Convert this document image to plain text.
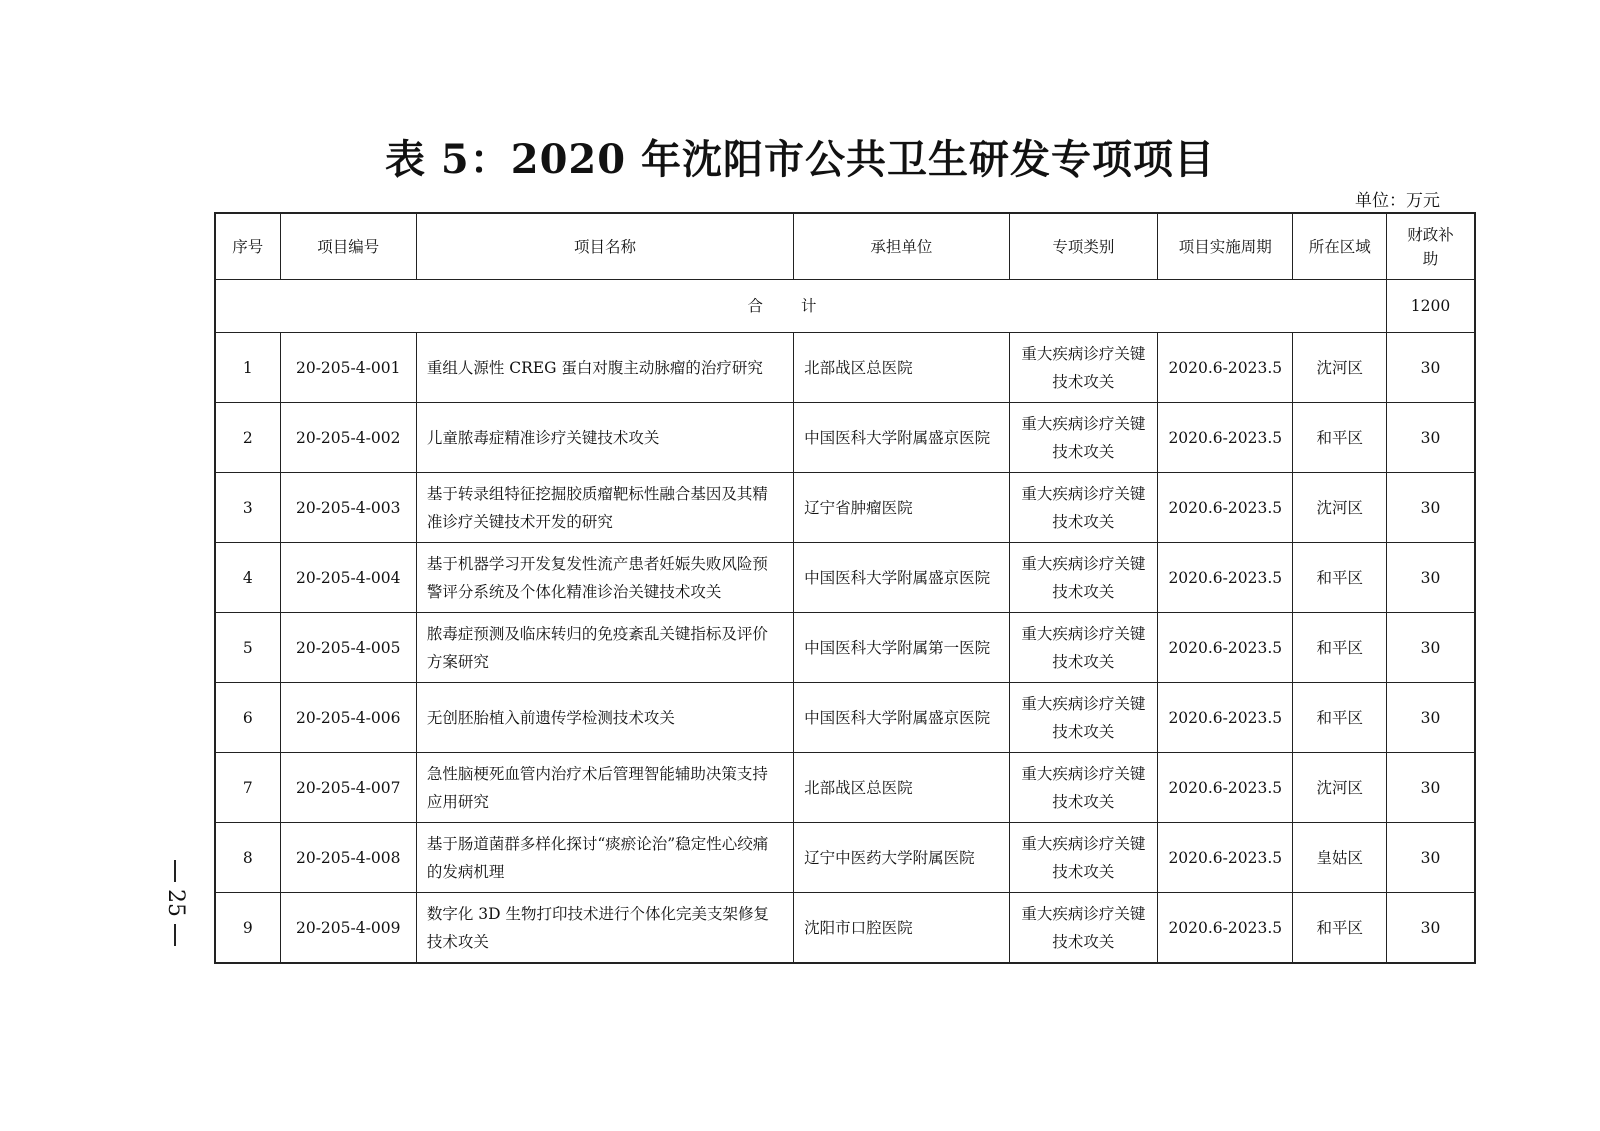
表 5：2020 年沈阳市公共卫生研发专项项目
单位：万元
25
序号	项目编号	项目名称	承担单位	专项类别	项目实施周期	所在区域	财政补助
合计							1200
1	20-205-4-001	重组人源性 CREG 蛋白对腹主动脉瘤的治疗研究	北部战区总医院	重大疾病诊疗关键技术攻关	2020.6-2023.5	沈河区	30
2	20-205-4-002	儿童脓毒症精准诊疗关键技术攻关	中国医科大学附属盛京医院	重大疾病诊疗关键技术攻关	2020.6-2023.5	和平区	30
3	20-205-4-003	基于转录组特征挖掘胶质瘤靶标性融合基因及其精准诊疗关键技术开发的研究	辽宁省肿瘤医院	重大疾病诊疗关键技术攻关	2020.6-2023.5	沈河区	30
4	20-205-4-004	基于机器学习开发复发性流产患者妊娠失败风险预警评分系统及个体化精准诊治关键技术攻关	中国医科大学附属盛京医院	重大疾病诊疗关键技术攻关	2020.6-2023.5	和平区	30
5	20-205-4-005	脓毒症预测及临床转归的免疫紊乱关键指标及评价方案研究	中国医科大学附属第一医院	重大疾病诊疗关键技术攻关	2020.6-2023.5	和平区	30
6	20-205-4-006	无创胚胎植入前遗传学检测技术攻关	中国医科大学附属盛京医院	重大疾病诊疗关键技术攻关	2020.6-2023.5	和平区	30
7	20-205-4-007	急性脑梗死血管内治疗术后管理智能辅助决策支持应用研究	北部战区总医院	重大疾病诊疗关键技术攻关	2020.6-2023.5	沈河区	30
8	20-205-4-008	基于肠道菌群多样化探讨“痰瘀论治”稳定性心绞痛的发病机理	辽宁中医药大学附属医院	重大疾病诊疗关键技术攻关	2020.6-2023.5	皇姑区	30
9	20-205-4-009	数字化 3D 生物打印技术进行个体化完美支架修复技术攻关	沈阳市口腔医院	重大疾病诊疗关键技术攻关	2020.6-2023.5	和平区	30
